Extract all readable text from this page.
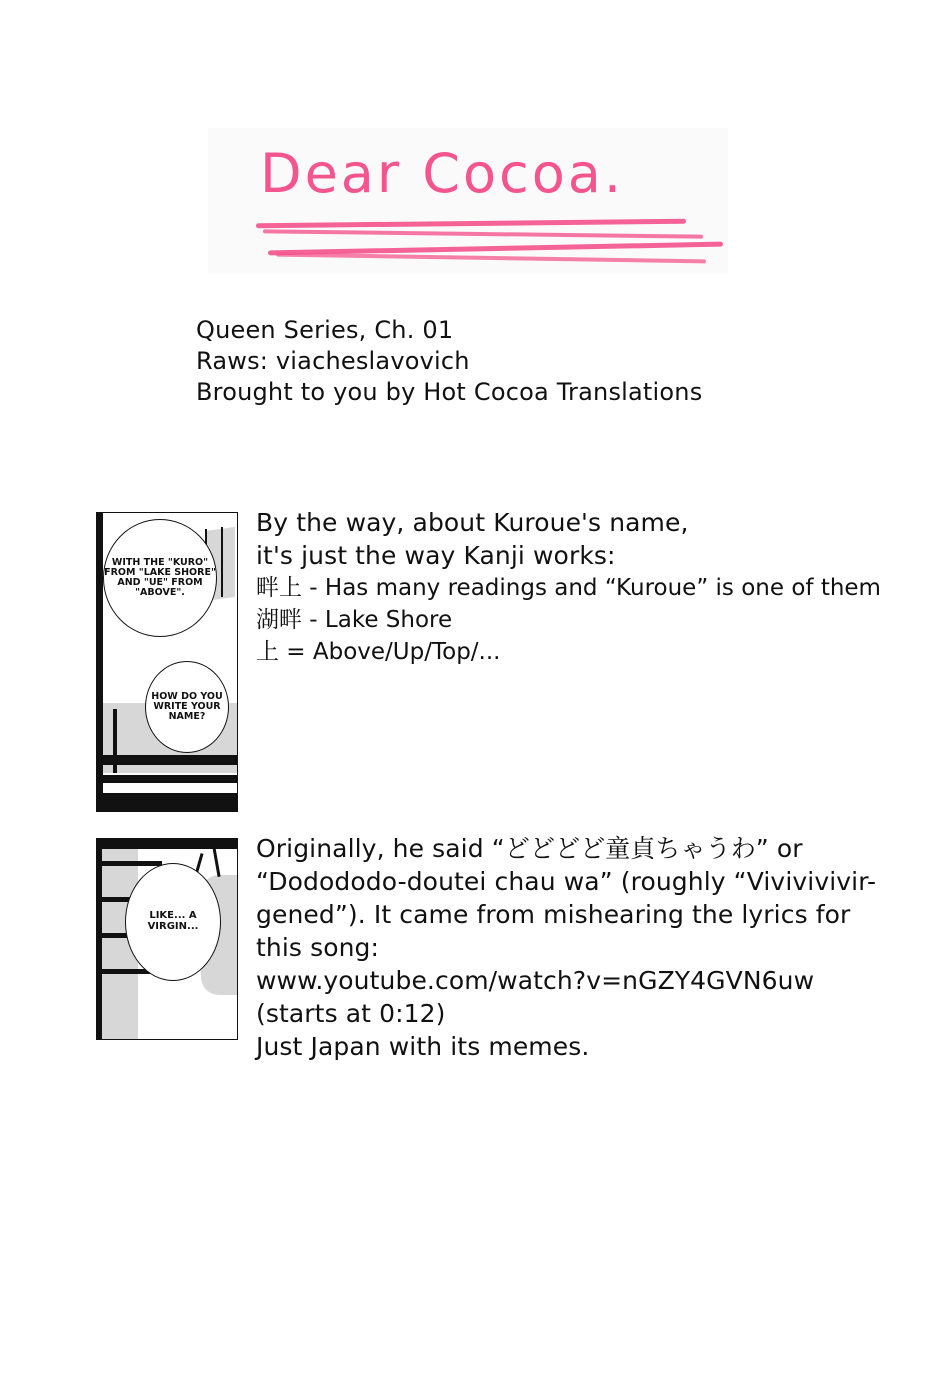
Dear Cocoa.
Queen Series, Ch. 01
Raws: viacheslavovich
Brought to you by Hot Cocoa Translations
WITH THE "KURO" FROM "LAKE SHORE" AND "UE" FROM "ABOVE".
HOW DO YOU WRITE YOUR NAME?
By the way, about Kuroue's name,
it's just the way Kanji works:
畔上 - Has many readings and “Kuroue” is one of them
湖畔 - Lake Shore
上 = Above/Up/Top/...
LIKE... A VIRGIN...
Originally, he said “どどどど童貞ちゃうわ” or
“Dodododo-doutei chau wa” (roughly “Vivivivivir-
gened”). It came from mishearing the lyrics for
this song:
www.youtube.com/watch?v=nGZY4GVN6uw
(starts at 0:12)
Just Japan with its memes.
